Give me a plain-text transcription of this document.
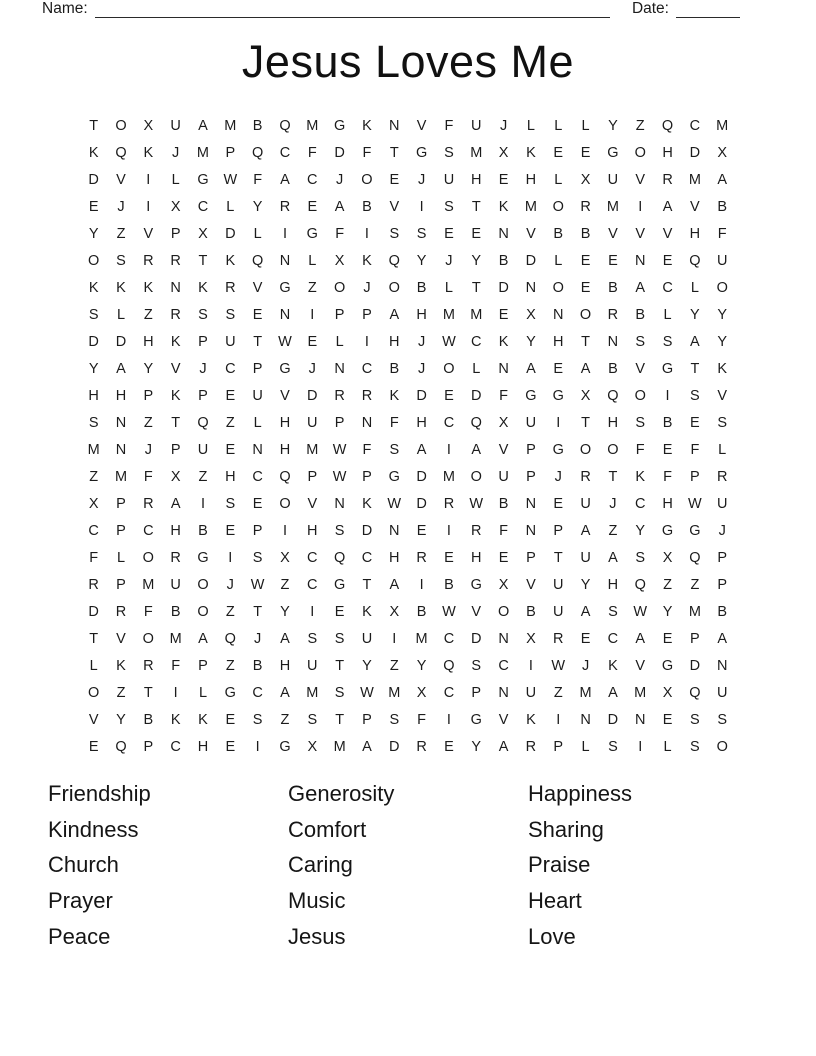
Name:	Date:
Jesus Loves Me
T	O	X	U	A	M	B	Q	M	G	K	N	V	F	U	J	L	L	L	Y	Z	Q	C	M
K	Q	K	J	M	P	Q	C	F	D	F	T	G	S	M	X	K	E	E	G	O	H	D	X
D	V	I	L	G	W	F	A	C	J	O	E	J	U	H	E	H	L	X	U	V	R	M	A
E	J	I	X	C	L	Y	R	E	A	B	V	I	S	T	K	M	O	R	M	I	A	V	B
Y	Z	V	P	X	D	L	I	G	F	I	S	S	E	E	N	V	B	B	V	V	V	H	F
O	S	R	R	T	K	Q	N	L	X	K	Q	Y	J	Y	B	D	L	E	E	N	E	Q	U
K	K	K	N	K	R	V	G	Z	O	J	O	B	L	T	D	N	O	E	B	A	C	L	O
S	L	Z	R	S	S	E	N	I	P	P	A	H	M	M	E	X	N	O	R	B	L	Y	Y
D	D	H	K	P	U	T	W	E	L	I	H	J	W	C	K	Y	H	T	N	S	S	A	Y
Y	A	Y	V	J	C	P	G	J	N	C	B	J	O	L	N	A	E	A	B	V	G	T	K
H	H	P	K	P	E	U	V	D	R	R	K	D	E	D	F	G	G	X	Q	O	I	S	V
S	N	Z	T	Q	Z	L	H	U	P	N	F	H	C	Q	X	U	I	T	H	S	B	E	S
M	N	J	P	U	E	N	H	M W	F	S	A	I	A	V	P	G	O	O	F	E	F	L
Z	M	F	X	Z	H	C	Q	P	W	P	G	D	M	O	U	P	J	R	T	K	F	P	R
X	P	R	A	I	S	E	O	V	N	K	W	D	R	W	B	N	E	U	J	C	H	W	U
C	P	C	H	B	E	P	I	H	S	D	N	E	I	R	F	N	P	A	Z	Y	G	G	J
F	L	O	R	G	I	S	X	C	Q	C	H	R	E	H	E	P	T	U	A	S	X	Q	P
R	P	M	U	O	J	W	Z	C	G	T	A	I	B	G	X	V	U	Y	H	Q	Z	Z	P
D	R	F	B	O	Z	T	Y	I	E	K	X	B	W	V	O	B	U	A	S	W	Y	M	B
T	V	O	M	A	Q	J	A	S	S	U	I	M	C	D	N	X	R	E	C	A	E	P	A
L	K	R	F	P	Z	B	H	U	T	Y	Z	Y	Q	S	C	I	W	J	K	V	G	D	N
O	Z	T	I	L	G	C	A	M	S	W M	X	C	P	N	U	Z	M	A	M	X	Q	U
V	Y	B	K	K	E	S	Z	S	T	P	S	F	I	G	V	K	I	N	D	N	E	S	S
E	Q	P	C	H	E	I	G	X	M	A	D	R	E	Y	A	R	P	L	S	I	L	S	O
Friendship
Kindness
Church
Prayer
Peace
Generosity
Comfort
Caring
Music
Jesus
Happiness
Sharing
Praise
Heart
Love
